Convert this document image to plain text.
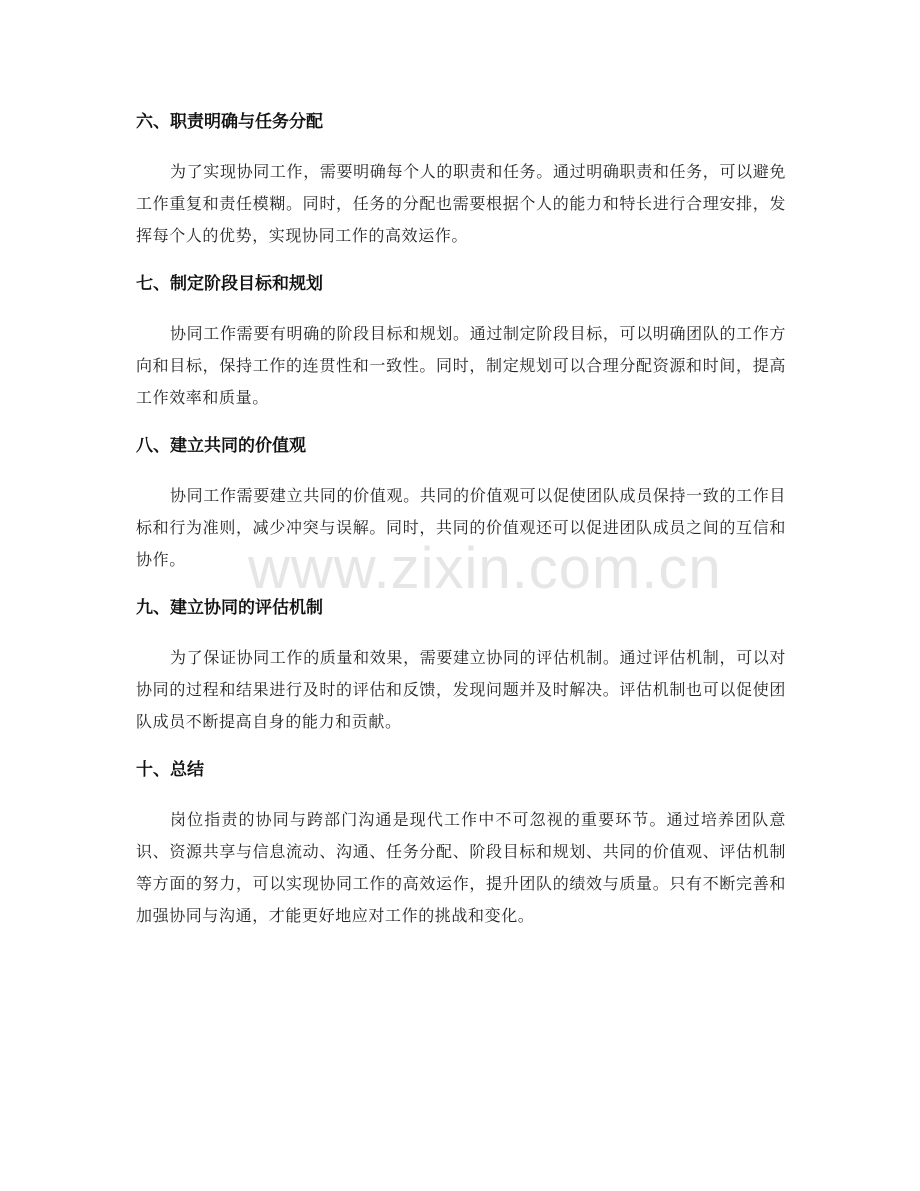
www.zixin.com.cn
六、职责明确与任务分配

为了实现协同工作，需要明确每个人的职责和任务。通过明确职责和任务，可以避免工作重复和责任模糊。同时，任务的分配也需要根据个人的能力和特长进行合理安排，发挥每个人的优势，实现协同工作的高效运作。

七、制定阶段目标和规划

协同工作需要有明确的阶段目标和规划。通过制定阶段目标，可以明确团队的工作方向和目标，保持工作的连贯性和一致性。同时，制定规划可以合理分配资源和时间，提高工作效率和质量。

八、建立共同的价值观

协同工作需要建立共同的价值观。共同的价值观可以促使团队成员保持一致的工作目标和行为准则，减少冲突与误解。同时，共同的价值观还可以促进团队成员之间的互信和协作。

九、建立协同的评估机制

为了保证协同工作的质量和效果，需要建立协同的评估机制。通过评估机制，可以对协同的过程和结果进行及时的评估和反馈，发现问题并及时解决。评估机制也可以促使团队成员不断提高自身的能力和贡献。

十、总结

岗位指责的协同与跨部门沟通是现代工作中不可忽视的重要环节。通过培养团队意识、资源共享与信息流动、沟通、任务分配、阶段目标和规划、共同的价值观、评估机制等方面的努力，可以实现协同工作的高效运作，提升团队的绩效与质量。只有不断完善和加强协同与沟通，才能更好地应对工作的挑战和变化。
